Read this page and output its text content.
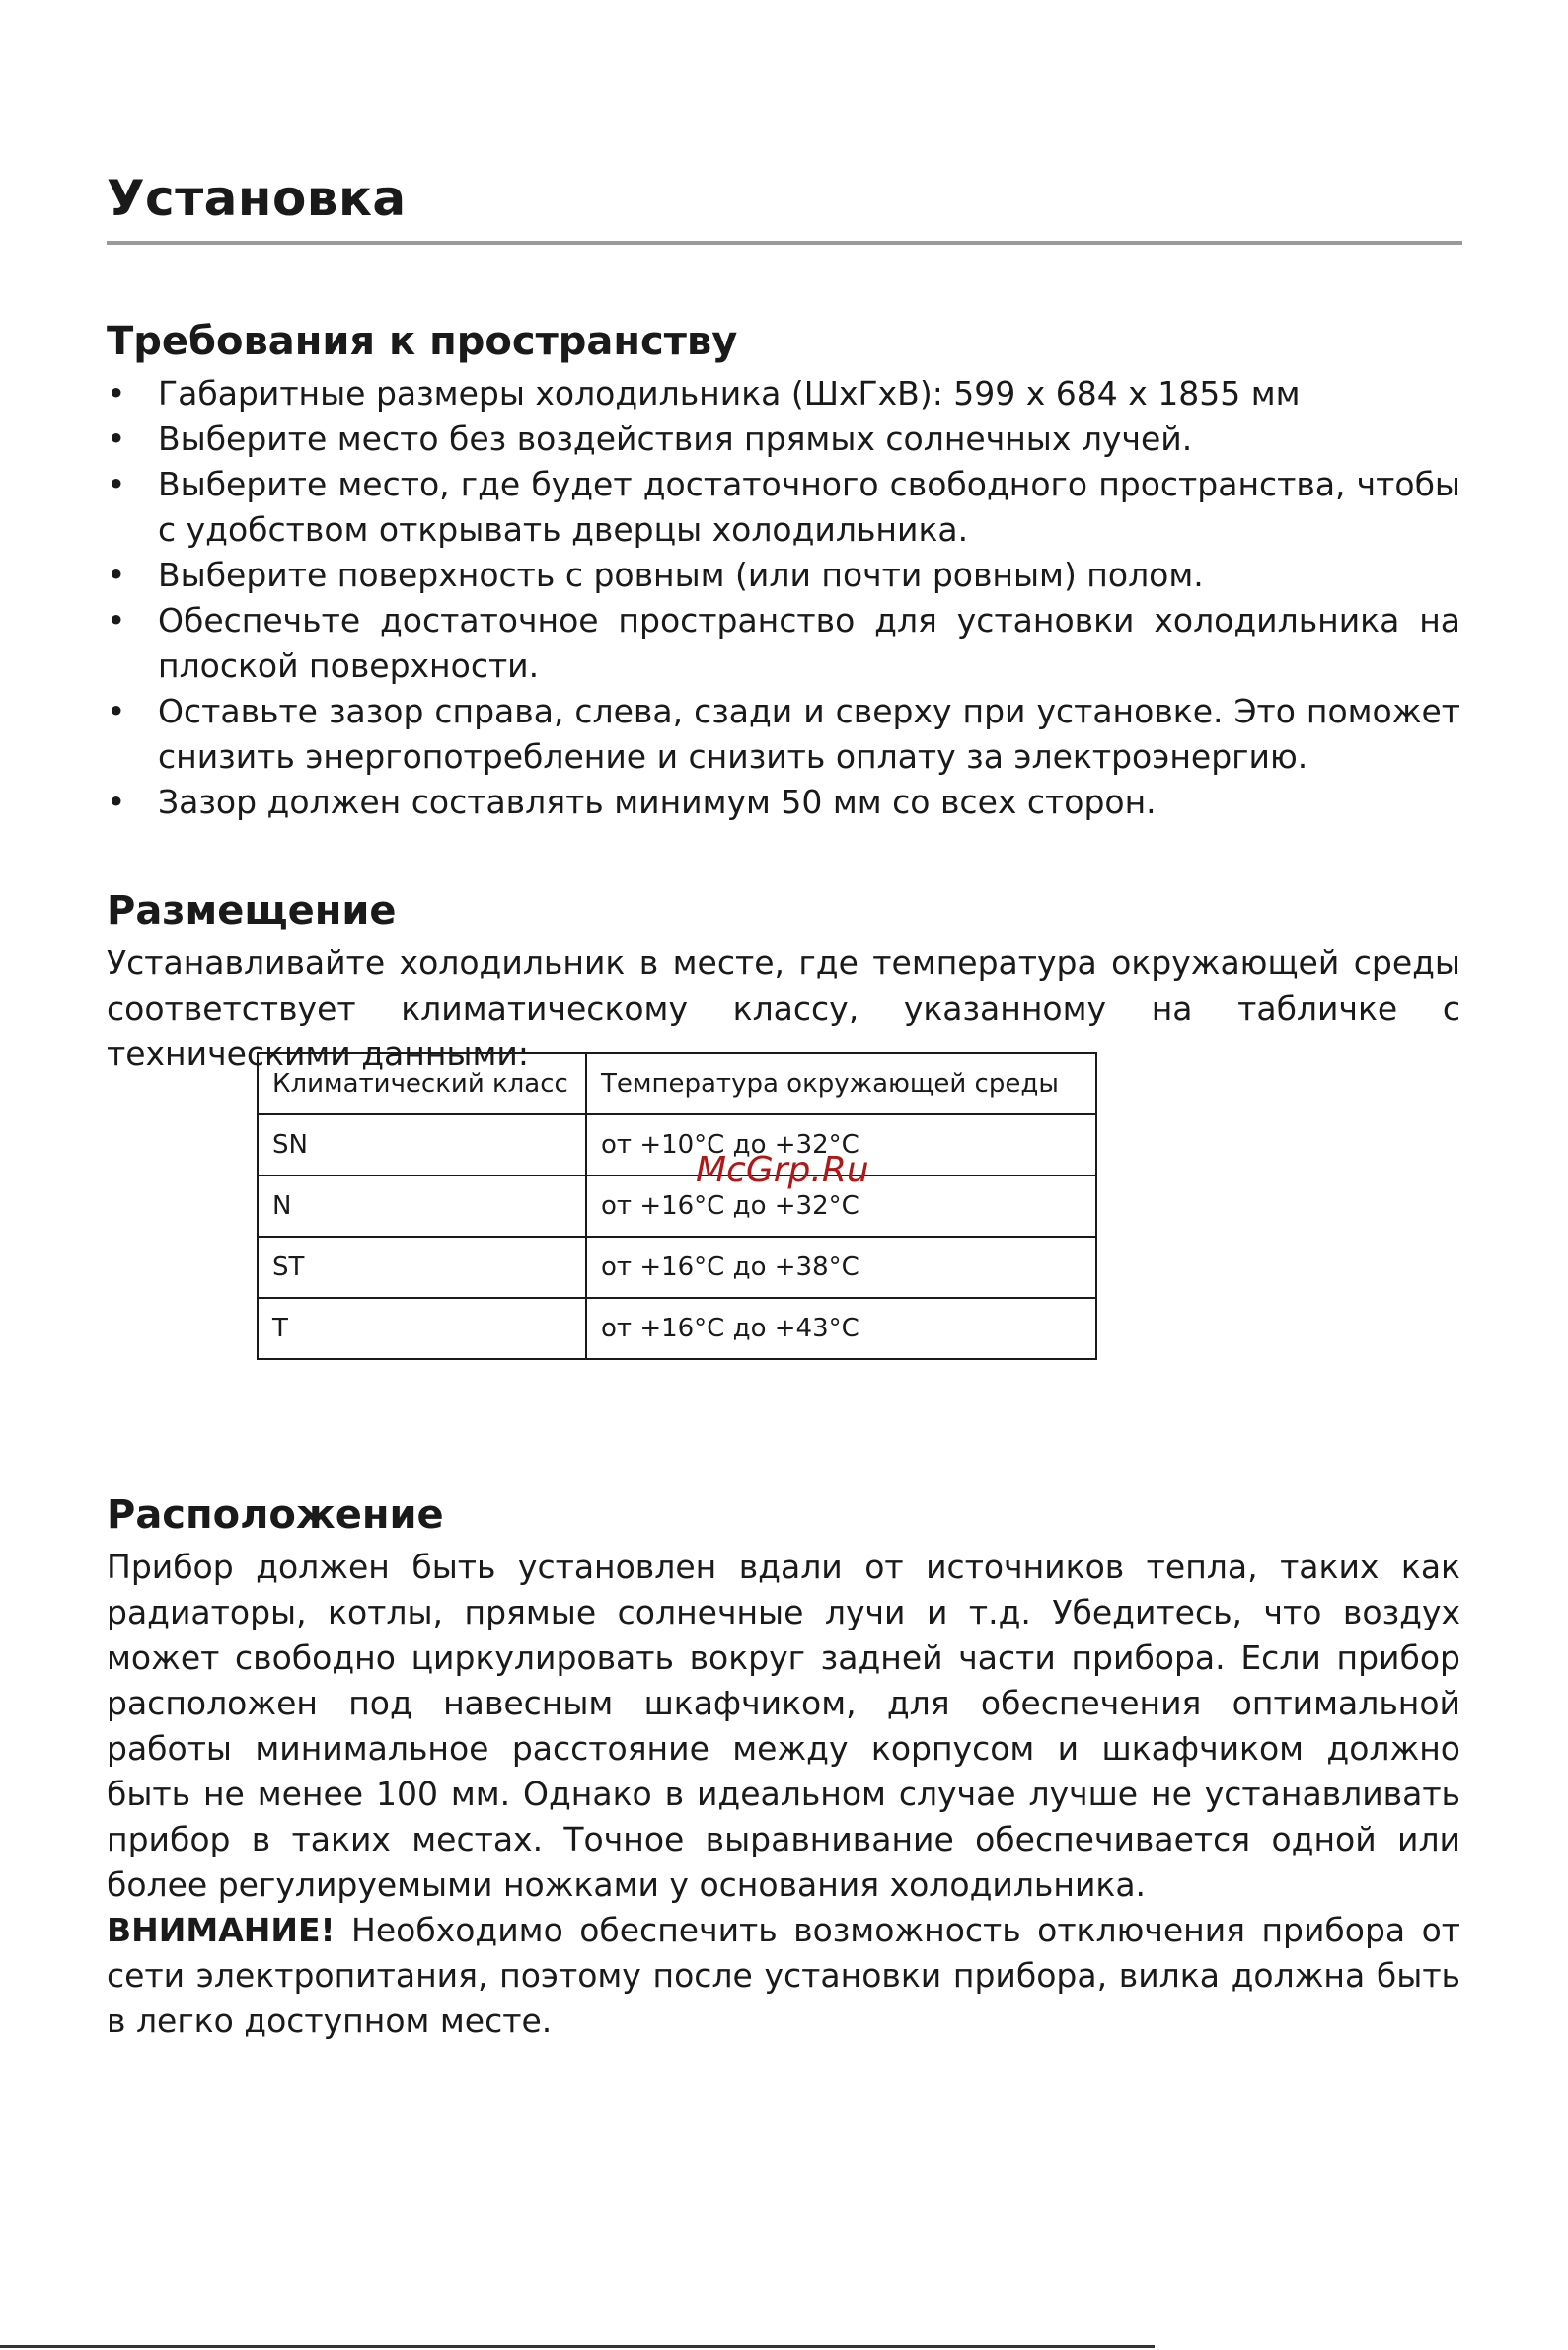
Установка
Требования к пространству
• Габаритные размеры холодильника (ШхГхВ): 599 x 684 x 1855 мм
• Выберите место без воздействия прямых солнечных лучей.
• Выберите место, где будет достаточного свободного пространства, чтобы с удобством открывать дверцы холодильника.
• Выберите поверхность с ровным (или почти ровным) полом.
• Обеспечьте достаточное пространство для установки холодильника на плоской поверхности.
• Оставьте зазор справа, слева, сзади и сверху при установке. Это поможет снизить энергопотребление и снизить оплату за электроэнергию.
• Зазор должен составлять минимум 50 мм со всех сторон.
Размещение

Устанавливайте холодильник в месте, где температура окружающей среды соответствует климатическому классу, указанному на табличке с техническими данными:

Расположение

Прибор должен быть установлен вдали от источников тепла, таких как радиаторы, котлы, прямые солнечные лучи и т.д. Убедитесь, что воздух может свободно циркулировать вокруг задней части прибора. Если прибор расположен под навесным шкафчиком, для обеспечения оптимальной работы минимальное расстояние между корпусом и шкафчиком должно быть не менее 100 мм. Однако в идеальном случае лучше не устанавливать прибор в таких местах. Точное выравнивание обеспечивается одной или более регулируемыми ножками у основания холодильника.

ВНИМАНИЕ! Необходимо обеспечить возможность отключения прибора от сети электропитания, поэтому после установки прибора, вилка должна быть в легко доступном месте.

Климатический класс	Температура окружающей среды
SN	от +10°C до +32°C
N	от +16°C до +32°C
ST	от +16°C до +38°C
T	от +16°C до +43°C
McGrp.Ru
